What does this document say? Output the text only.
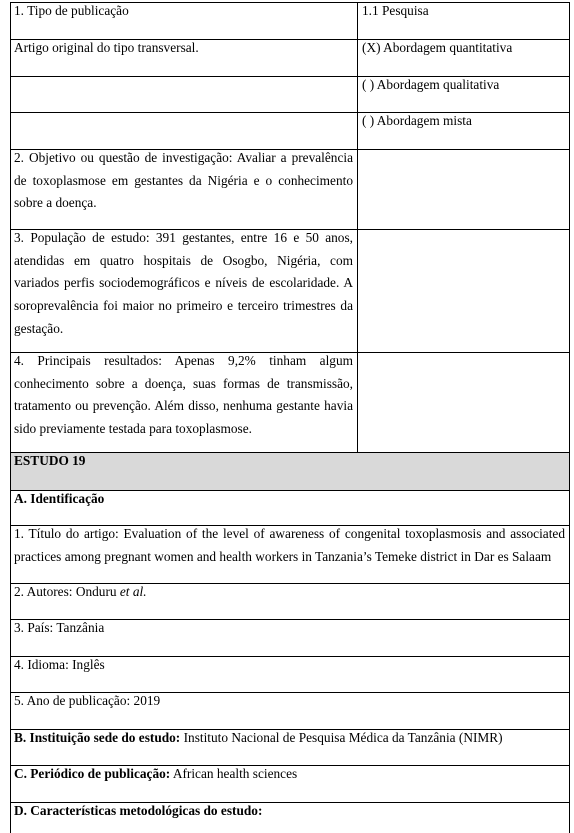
1. Tipo de publicação	1.1 Pesquisa
Artigo original do tipo transversal.	(X) Abordagem quantitativa
( ) Abordagem qualitativa
( ) Abordagem mista
2. Objetivo ou questão de investigação: Avaliar a prevalência de toxoplasmose em gestantes da Nigéria e o conhecimento sobre a doença.
3. População de estudo: 391 gestantes, entre 16 e 50 anos, atendidas em quatro hospitais de Osogbo, Nigéria, com variados perfis sociodemográficos e níveis de escolaridade. A soroprevalência foi maior no primeiro e terceiro trimestres da gestação.
4. Principais resultados: Apenas 9,2% tinham algum conhecimento sobre a doença, suas formas de transmissão, tratamento ou prevenção. Além disso, nenhuma gestante havia sido previamente testada para toxoplasmose.
ESTUDO 19
A. Identificação
1. Título do artigo: Evaluation of the level of awareness of congenital toxoplasmosis and associated practices among pregnant women and health workers in Tanzania’s Temeke district in Dar es Salaam
2. Autores: Onduru et al.
3. País: Tanzânia
4. Idioma: Inglês
5. Ano de publicação: 2019
B. Instituição sede do estudo: Instituto Nacional de Pesquisa Médica da Tanzânia (NIMR)
C. Periódico de publicação: African health sciences
D. Características metodológicas do estudo:
